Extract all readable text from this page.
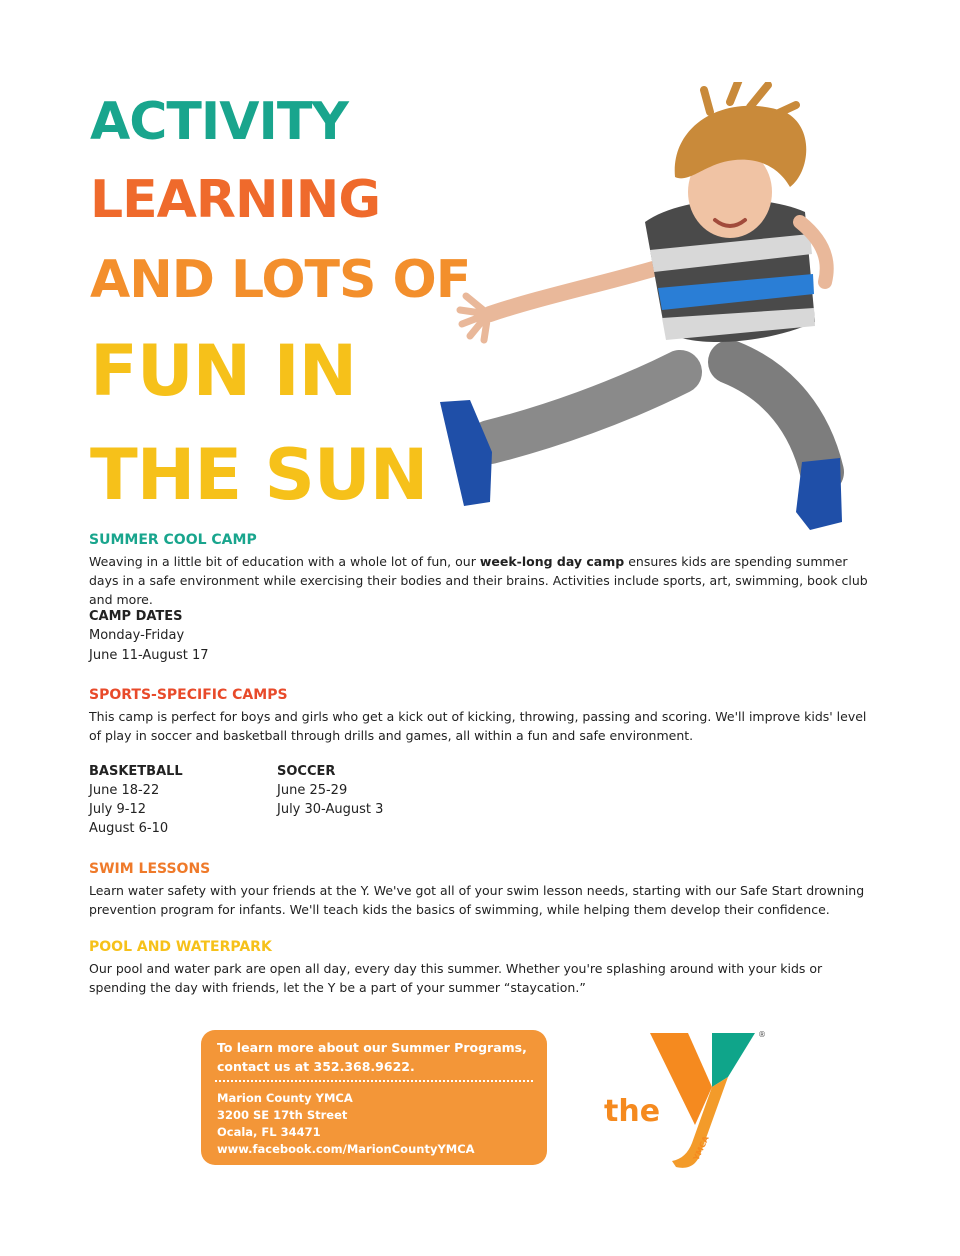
ACTIVITY
LEARNING
AND LOTS OF
FUN IN
THE SUN
SUMMER COOL CAMP

Weaving in a little bit of education with a whole lot of fun, our week-long day camp ensures kids are spending summer days in a safe environment while exercising their bodies and their brains. Activities include sports, art, swimming, book club and more.

CAMP DATES

Monday-Friday

June 11-August 17

SPORTS-SPECIFIC CAMPS

This camp is perfect for boys and girls who get a kick out of kicking, throwing, passing and scoring. We'll improve kids' level of play in soccer and basketball through drills and games, all within a fun and safe environment.

BASKETBALL

June 18-22

July 9-12

August 6-10

SOCCER

June 25-29

July 30-August 3

SWIM LESSONS

Learn water safety with your friends at the Y. We've got all of your swim lesson needs, starting with our Safe Start drowning prevention program for infants. We'll teach kids the basics of swimming, while helping them develop their confidence.

POOL AND WATERPARK

Our pool and water park are open all day, every day this summer. Whether you're splashing around with your kids or spending the day with friends, let the Y be a part of your summer “staycation.”

To learn more about our Summer Programs,
contact us at 352.368.9622.

Marion County YMCA

3200 SE 17th Street

Ocala, FL 34471

www.facebook.com/MarionCountyYMCA

the
YMCA
®
